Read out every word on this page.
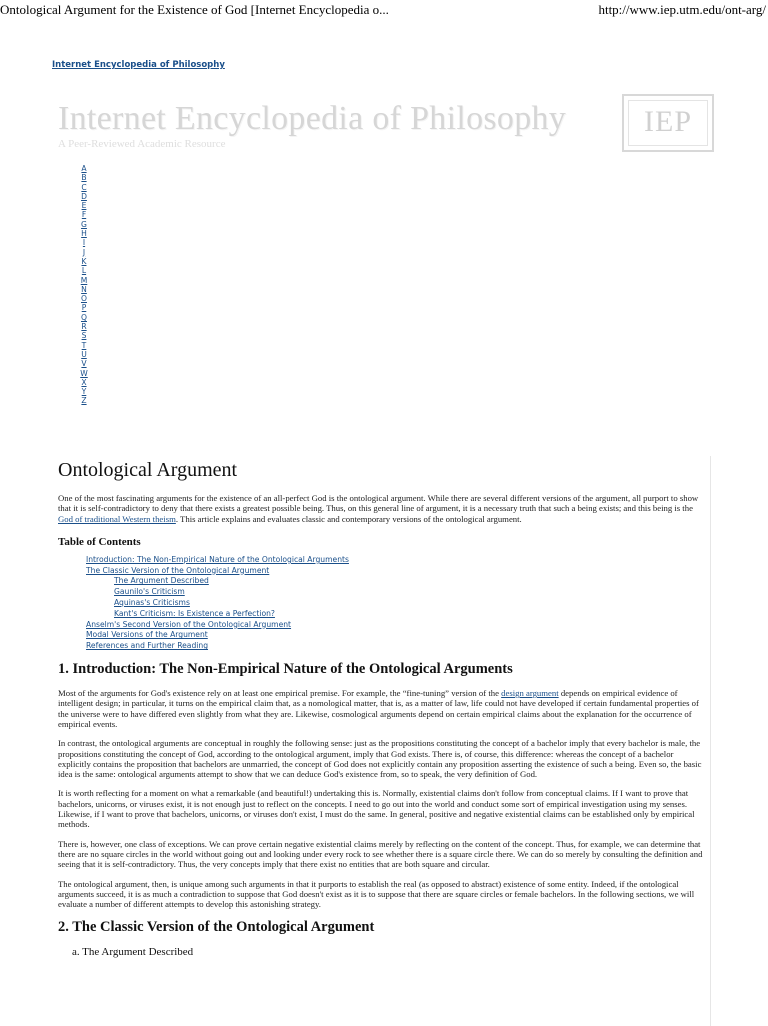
Ontological Argument for the Existence of God [Internet Encyclopedia o...	http://www.iep.utm.edu/ont-arg/
Internet Encyclopedia of Philosophy
Internet Encyclopedia of Philosophy
A Peer-Reviewed Academic Resource
IEP
A
B
C
D
E
F
G
H
I
J
K
L
M
N
O
P
Q
R
S
T
U
V
W
X
Y
Z
Ontological Argument

One of the most fascinating arguments for the existence of an all-perfect God is the ontological argument. While there are several different versions of the argument, all purport to show that it is self-contradictory to deny that there exists a greatest possible being. Thus, on this general line of argument, it is a necessary truth that such a being exists; and this being is the God of traditional Western theism. This article explains and evaluates classic and contemporary versions of the ontological argument.

Table of Contents
Introduction: The Non-Empirical Nature of the Ontological Arguments
The Classic Version of the Ontological Argument
The Argument Described
Gaunilo's Criticism
Aquinas's Criticisms
Kant's Criticism: Is Existence a Perfection?
Anselm's Second Version of the Ontological Argument
Modal Versions of the Argument
References and Further Reading
1. Introduction: The Non-Empirical Nature of the Ontological Arguments

Most of the arguments for God's existence rely on at least one empirical premise. For example, the “fine-tuning” version of the design argument depends on empirical evidence of intelligent design; in particular, it turns on the empirical claim that, as a nomological matter, that is, as a matter of law, life could not have developed if certain fundamental properties of the universe were to have differed even slightly from what they are. Likewise, cosmological arguments depend on certain empirical claims about the explanation for the occurrence of empirical events.

In contrast, the ontological arguments are conceptual in roughly the following sense: just as the propositions constituting the concept of a bachelor imply that every bachelor is male, the propositions constituting the concept of God, according to the ontological argument, imply that God exists. There is, of course, this difference: whereas the concept of a bachelor explicitly contains the proposition that bachelors are unmarried, the concept of God does not explicitly contain any proposition asserting the existence of such a being. Even so, the basic idea is the same: ontological arguments attempt to show that we can deduce God's existence from, so to speak, the very definition of God.

It is worth reflecting for a moment on what a remarkable (and beautiful!) undertaking this is. Normally, existential claims don't follow from conceptual claims. If I want to prove that bachelors, unicorns, or viruses exist, it is not enough just to reflect on the concepts. I need to go out into the world and conduct some sort of empirical investigation using my senses. Likewise, if I want to prove that bachelors, unicorns, or viruses don't exist, I must do the same. In general, positive and negative existential claims can be established only by empirical methods.

There is, however, one class of exceptions. We can prove certain negative existential claims merely by reflecting on the content of the concept. Thus, for example, we can determine that there are no square circles in the world without going out and looking under every rock to see whether there is a square circle there. We can do so merely by consulting the definition and seeing that it is self-contradictory. Thus, the very concepts imply that there exist no entities that are both square and circular.

The ontological argument, then, is unique among such arguments in that it purports to establish the real (as opposed to abstract) existence of some entity. Indeed, if the ontological arguments succeed, it is as much a contradiction to suppose that God doesn't exist as it is to suppose that there are square circles or female bachelors. In the following sections, we will evaluate a number of different attempts to develop this astonishing strategy.

2. The Classic Version of the Ontological Argument
a. The Argument Described
